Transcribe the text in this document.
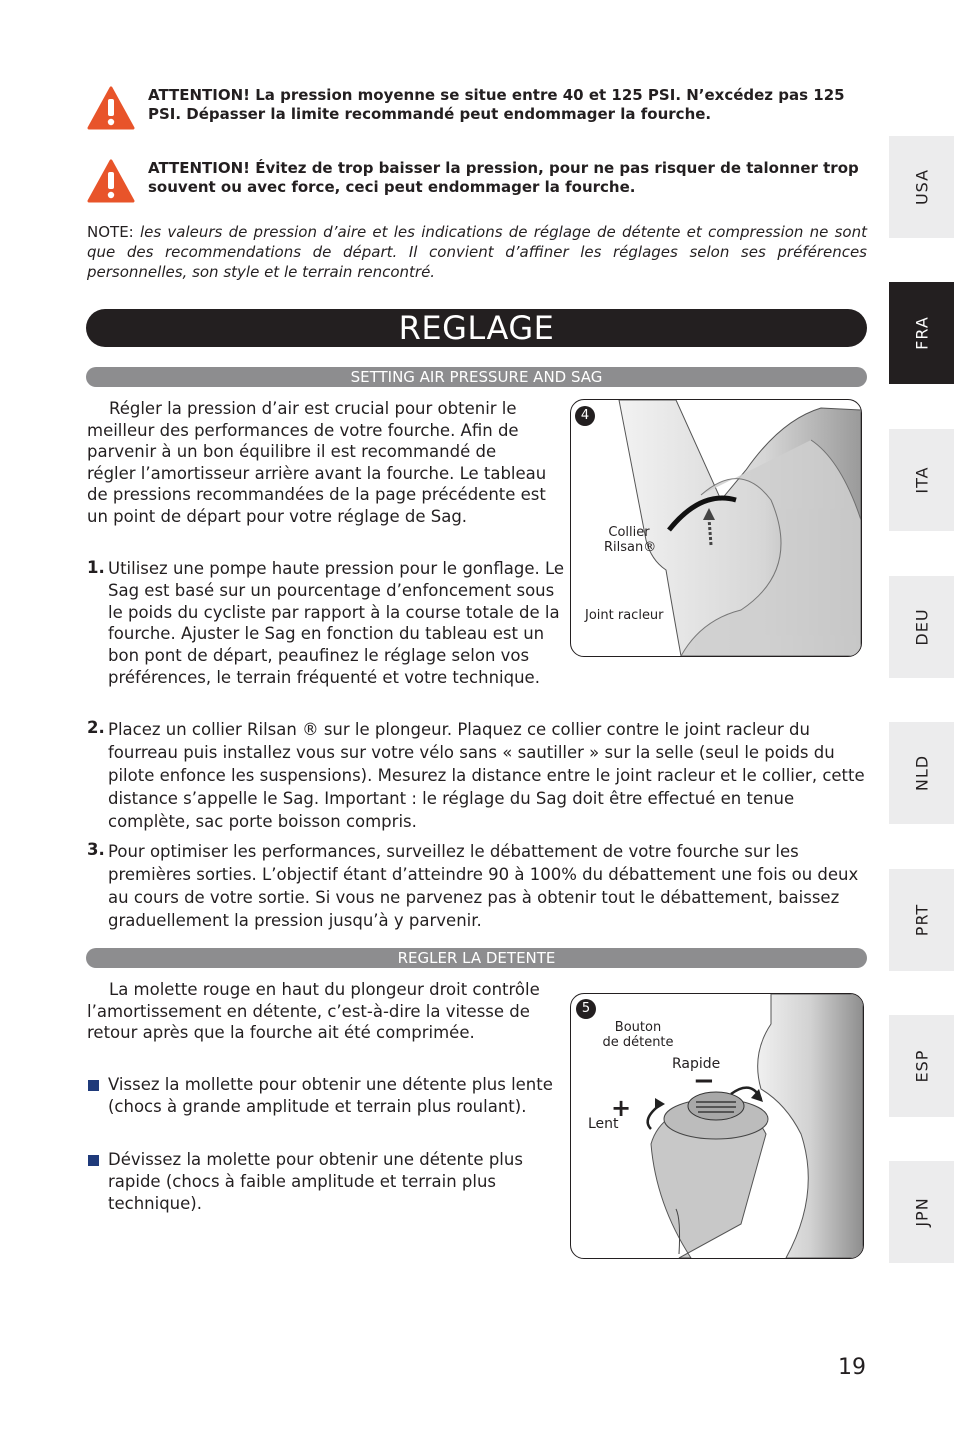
ATTENTION! La pression moyenne se situe entre 40 et 125 PSI. N’excédez pas 125 PSI. Dépasser la limite recommandé peut endommager la fourche.
ATTENTION! Évitez de trop baisser la pression, pour ne pas risquer de talonner trop souvent ou avec force, ceci peut endommager la fourche.
NOTE: les valeurs de pression d’aire et les indications de réglage de détente et compression ne sont que des recommendations de départ. Il convient d’affiner les réglages selon ses préférences personnelles, son style et le terrain rencontré.
REGLAGE
SETTING AIR PRESSURE AND SAG

Régler la pression d’air est crucial pour obtenir le meilleur des performances de votre fourche. Afin de parvenir à un bon équilibre il est recommandé de régler l’amortisseur arrière avant la fourche. Le tableau de pressions recommandées de la page précédente est un point de départ pour votre réglage de Sag.

1. Utilisez une pompe haute pression pour le gonflage. Le Sag est basé sur un pourcentage d’enfoncement sous le poids du cycliste par rapport à la course totale de la fourche. Ajuster le Sag en fonction du tableau est un bon pont de départ, peaufinez le réglage selon vos préférences, le terrain fréquenté et votre technique.
2. Placez un collier Rilsan ® sur le plongeur. Plaquez ce collier contre le joint racleur du fourreau puis installez vous sur votre vélo sans « sautiller » sur la selle (seul le poids du pilote enfonce les suspensions). Mesurez la distance entre le joint racleur et le collier, cette distance s’appelle le Sag. Important : le réglage du Sag doit être effectué en tenue complète, sac porte boisson compris.
3. Pour optimiser les performances, surveillez le débattement de votre fourche sur les premières sorties. L’objectif étant d’atteindre 90 à 100% du débattement une fois ou deux au cours de votre sortie. Si vous ne parvenez pas à obtenir tout le débattement, baissez graduellement la pression jusqu’à y parvenir.
4
Collier
Rilsan®
Joint racleur
REGLER LA DETENTE

La molette rouge en haut du plongeur droit contrôle l’amortissement en détente, c’est-à-dire la vitesse de retour après que la fourche ait été comprimée.

Vissez la mollette pour obtenir une détente plus lente (chocs à grande amplitude et terrain plus roulant).
Dévissez la molette pour obtenir une détente plus rapide (chocs à faible amplitude et terrain plus technique).
5
Bouton
de détente
Rapide
−
+
Lent
USA
FRA
ITA
DEU
NLD
PRT
ESP
JPN
19
